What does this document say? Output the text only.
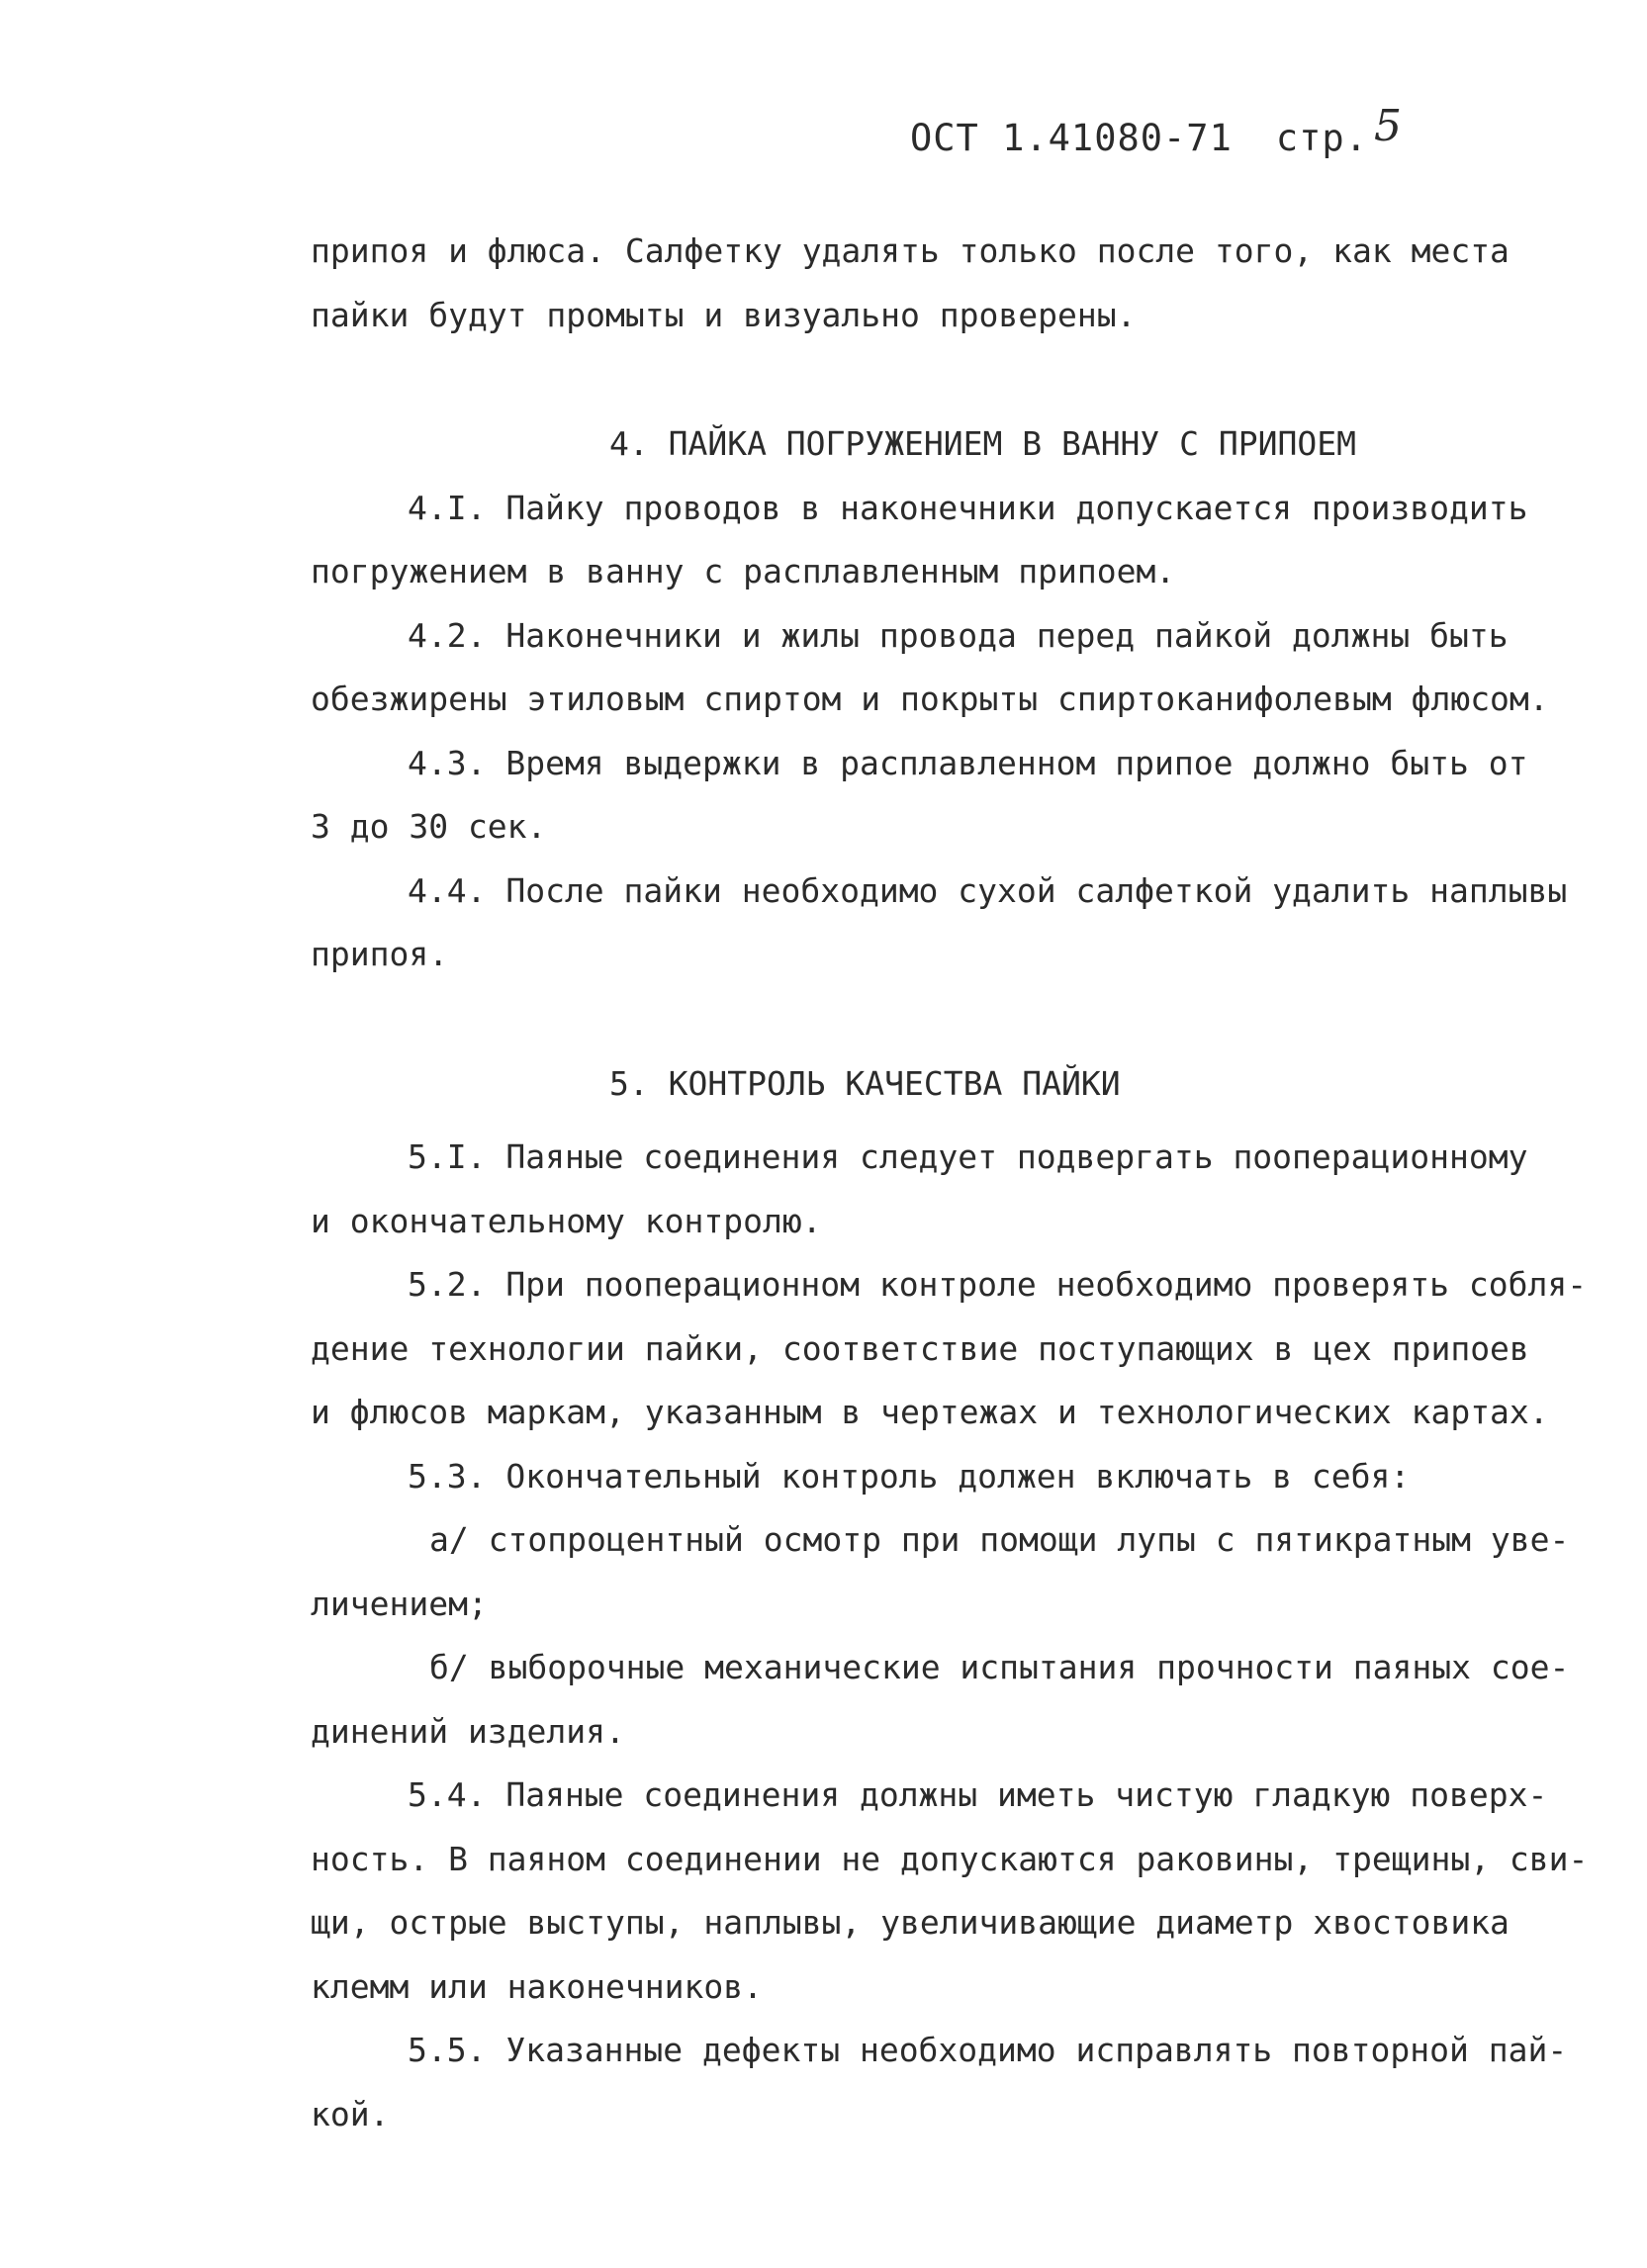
ОСТ 1.41080-71 стр. 5

припоя и флюса. Салфетку удалять только после того, как места

пайки будут промыты и визуально проверены.

4. ПАЙКА ПОГРУЖЕНИЕМ В ВАННУ С ПРИПОЕМ

4.I. Пайку проводов в наконечники допускается производить

погружением в ванну с расплавленным припоем.

4.2. Наконечники и жилы провода перед пайкой должны быть

обезжирены этиловым спиртом и покрыты спиртоканифолевым флюсом.

4.3. Время выдержки в расплавленном припое должно быть от

3 до 30 сек.

4.4. После пайки необходимо сухой салфеткой удалить наплывы

припоя.

5. КОНТРОЛЬ КАЧЕСТВА ПАЙКИ

5.I. Паяные соединения следует подвергать пооперационному

и окончательному контролю.

5.2. При пооперационном контроле необходимо проверять собля-

дение технологии пайки, соответствие поступающих в цех припоев

и флюсов маркам, указанным в чертежах и технологических картах.

5.3. Окончательный контроль должен включать в себя:

а/ стопроцентный осмотр при помощи лупы с пятикратным уве-

личением;

б/ выборочные механические испытания прочности паяных сое-

динений изделия.

5.4. Паяные соединения должны иметь чистую гладкую поверх-

ность. В паяном соединении не допускаются раковины, трещины, сви-

щи, острые выступы, наплывы, увеличивающие диаметр хвостовика

клемм или наконечников.

5.5. Указанные дефекты необходимо исправлять повторной пай-

кой.
